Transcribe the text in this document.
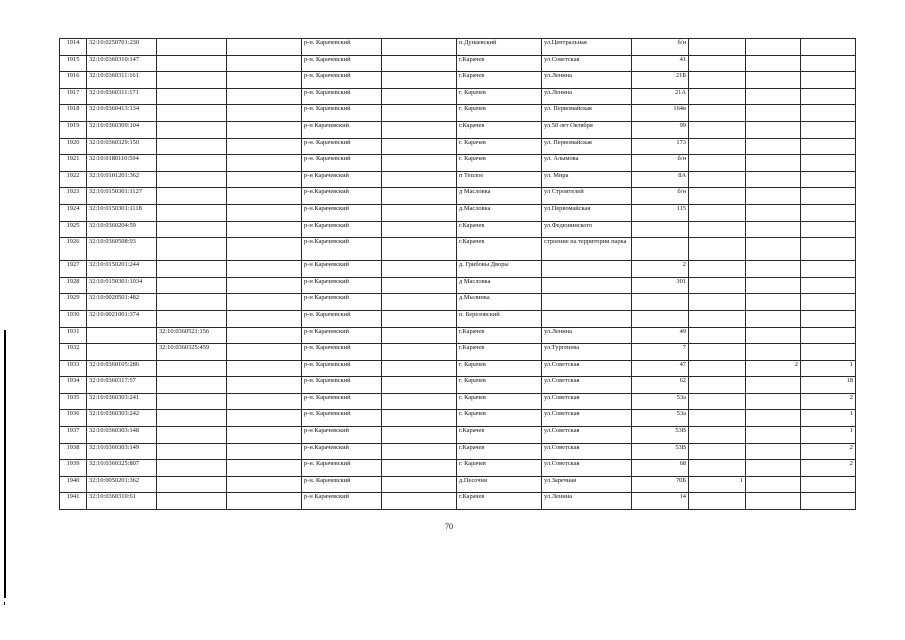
1914	32:10:0250701:230			р-н. Карачевский		п.Дунаевский	ул.Центральная	б/н			
1915	32:10:0360310:147			р-н. Карачевский		г.Карачев	ул.Советская	41			
1916	32:10:0360311:161			р-н. Карачевский		г.Карачев	ул.Ленина	21Б			
1917	32:10:0360311:171			р-н. Карачевский		г. Карачев	ул.Ленина	21А			
1918	32:10:0360413:134			р-н. Карачевский		г. Карачев	ул. Первомайская	164в			
1919	32:10:0360309:104			р-н Карачевский		г.Карачев	ул.50 лет Октября	99			
1920	32:10:0360329:150			р-н. Карачевский		г. Карачев	ул. Первомайская	173			
1921	32:10:0180110:594			р-н. Карачевский		г. Карачев	ул. Алымова	б/н			
1922	32:10:0101201:362			р-н Карачевский		п Теплое	ул. Мира	8А			
1923	32:10:0150301:1127			р-н.Карачевский		д Масловка	ул Строителей	б/н			
1924	32:10:0150301:1118			р-н.Карачевский		д.Масловка	ул.Первомайская	115			
1925	32:10:0360204:59			р-н Карачевский		г.Карачев	ул.Федюнинского				
1926	32:10:0360508:93			р-н.Карачевский		г.Карачев	строение на территории парка				
1927	32:10:0150201:244			р-н Карачевский		д. Грибовы Дворы		2			
1928	32:10:0150301:1034			р-н Карачевский		д Масловка		301			
1929	32:10:0020501:482			р-н Карачевский		д.Мылинка					
1930	32:10:0021001:374			р-н. Карачевский		п. Березовский					
1931		32:10:0360521:156		р-н Карачевский		г.Карачев	ул.Ленина	49			
1932		32:10:0360325:459		р-н. Карачевский		г.Карачев	ул.Тургенева	7			
1933	32:10:0360105:286			р-н. Карачевский		г. Карачев	ул.Советская	47		2	1
1934	32:10:0360317:57			р-н. Карачевский		г. Карачев	ул.Советская	62			18
1935	32:10:0360303:241			р-н. Карачевский		г. Карачев	ул.Советская	53а			2
1936	32:10:0360303:242			р-н. Карачевский		г. Карачев	ул.Советская	53а			1
1937	32:10:0360303:148			р-н Карачевский		г.Карачев	ул.Советская	53В			1
1938	32:10:0360303:149			р-н.Карачевский		г.Карачев	ул.Советская	53В			2
1939	32:10:0360325:807			р-н. Карачевский		г. Карачев	ул.Советская	68			2
1940	32:10:0050201:362			р-н. Карачевский		д.Песочня	ул.Заречная	70Б	1		
1941	32:10:0360310:61			р-н Карачевский		г.Карачев	ул.Ленина	14			
70
